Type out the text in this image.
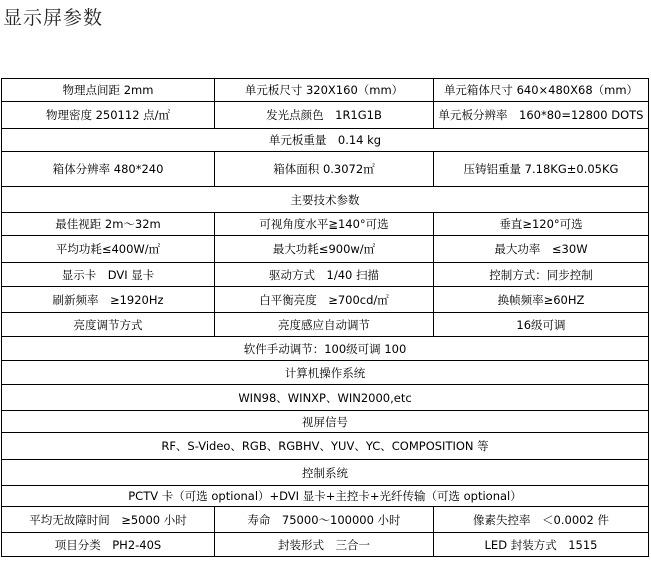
显示屏参数
物理点间距 2mm	单元板尺寸 320X160（mm）	单元箱体尺寸 640×480X68（mm）
物理密度 250112 点/㎡	发光点颜色　1R1G1B	单元板分辨率　160*80=12800 DOTS
单元板重量　0.14 kg		
箱体分辨率 480*240	箱体面积 0.3072㎡	压铸铝重量 7.18KG±0.05KG
主要技术参数		
最佳视距 2m～32m	可视角度水平≧140°可选	垂直≥120°可选
平均功耗≤400W/㎡	最大功耗≤900w/㎡	最大功率　≤30W
显示卡　DVI 显卡	驱动方式　1/40 扫描	控制方式：同步控制
刷新频率　≥1920Hz	白平衡亮度　≥700cd/㎡	换帧频率≥60HZ
亮度调节方式	亮度感应自动调节	16级可调
软件手动调节：100级可调 100		
计算机操作系统		
WIN98、WINXP、WIN2000,etc		
视屏信号		
RF、S-Video、RGB、RGBHV、YUV、YC、COMPOSITION 等		
控制系统		
PCTV 卡（可选 optional）+DVI 显卡+主控卡+光纤传输（可选 optional）		
平均无故障时间　≥5000 小时	寿命　75000～100000 小时	像素失控率　＜0.0002 件
项目分类　PH2-40S	封装形式　三合一	LED 封装方式　1515
